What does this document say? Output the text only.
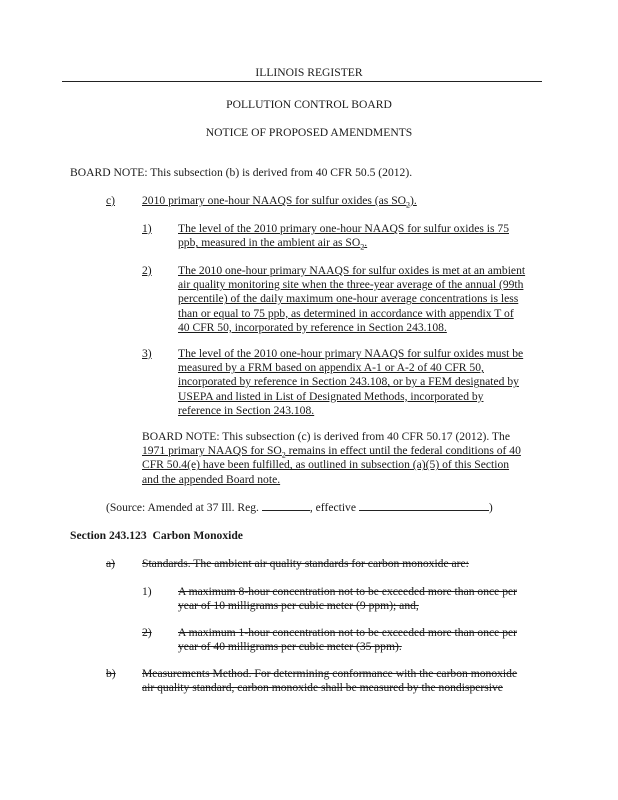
ILLINOIS REGISTER
POLLUTION CONTROL BOARD
NOTICE OF PROPOSED AMENDMENTS
BOARD NOTE: This subsection (b) is derived from 40 CFR 50.5 (2012).
c) 2010 primary one-hour NAAQS for sulfur oxides (as $SO_2$).
1) The level of the 2010 primary one-hour NAAQS for sulfur oxides is 75
ppb, measured in the ambient air as $SO_2$.
2) The 2010 one-hour primary NAAQS for sulfur oxides is met at an ambient
air quality monitoring site when the three-year average of the annual (99th
percentile) of the daily maximum one-hour average concentrations is less
than or equal to 75 ppb, as determined in accordance with appendix T of
40 CFR 50, incorporated by reference in Section 243.108.
3) The level of the 2010 one-hour primary NAAQS for sulfur oxides must be
measured by a FRM based on appendix A-1 or A-2 of 40 CFR 50,
incorporated by reference in Section 243.108, or by a FEM designated by
USEPA and listed in List of Designated Methods, incorporated by
reference in Section 243.108.
BOARD NOTE: This subsection (c) is derived from 40 CFR 50.17 (2012). The
1971 primary NAAQS for $SO_2$ remains in effect until the federal conditions of 40
CFR 50.4(e) have been fulfilled, as outlined in subsection (a)(5) of this Section
and the appended Board note.
(Source: Amended at 37 Ill. Reg.	, effective	)
Section 243.123 Carbon Monoxide
a) Standards. The ambient air quality standards for carbon monoxide are:
1) A maximum 8-hour concentration not to be exceeded more than once per
year of 10 milligrams per cubic meter (9 ppm); and,
2) A maximum 1-hour concentration not to be exceeded more than once per
year of 40 milligrams per cubic meter (35 ppm).
b) Measurements Method. For determining conformance with the carbon monoxide
air quality standard, carbon monoxide shall be measured by the nondispersive
